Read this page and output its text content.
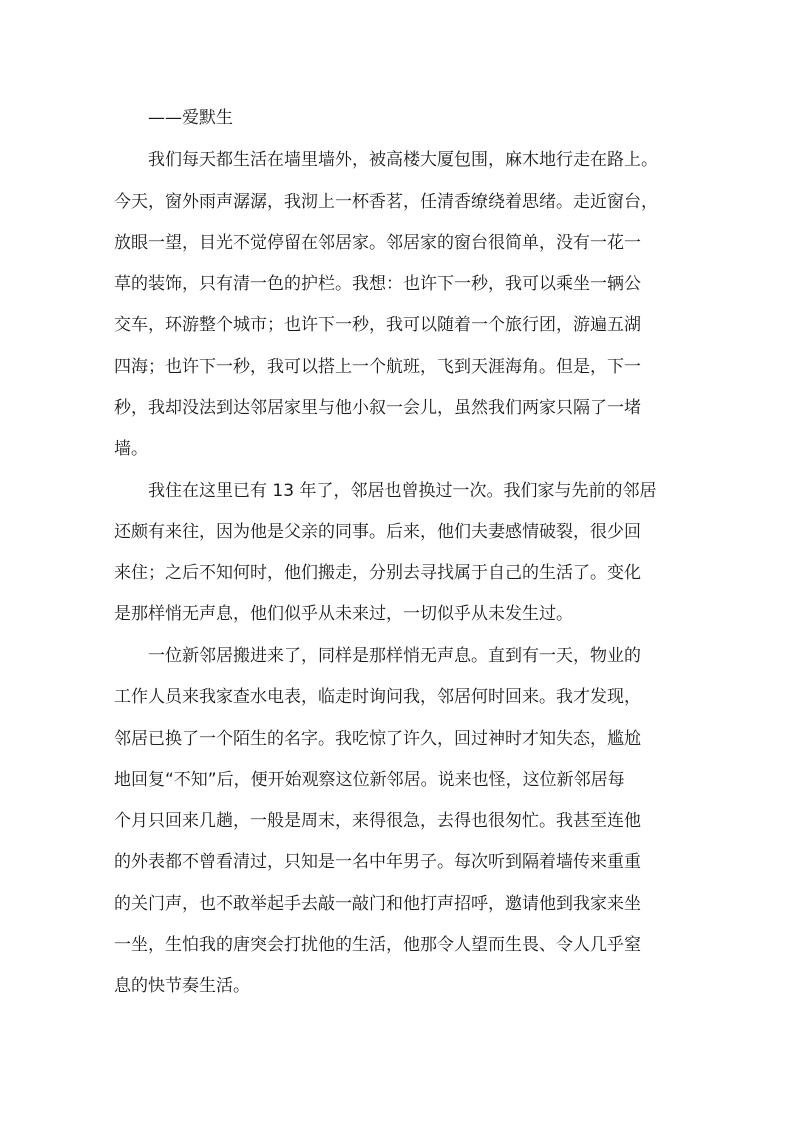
——爱默生
我们每天都生活在墙里墙外，被高楼大厦包围，麻木地行走在路上。
今天，窗外雨声潺潺，我沏上一杯香茗，任清香缭绕着思绪。走近窗台，
放眼一望，目光不觉停留在邻居家。邻居家的窗台很简单，没有一花一
草的装饰，只有清一色的护栏。我想：也许下一秒，我可以乘坐一辆公
交车，环游整个城市；也许下一秒，我可以随着一个旅行团，游遍五湖
四海；也许下一秒，我可以搭上一个航班，飞到天涯海角。但是，下一
秒，我却没法到达邻居家里与他小叙一会儿，虽然我们两家只隔了一堵
墙。
我住在这里已有 13 年了，邻居也曾换过一次。我们家与先前的邻居
还颇有来往，因为他是父亲的同事。后来，他们夫妻感情破裂，很少回
来住；之后不知何时，他们搬走，分别去寻找属于自己的生活了。变化
是那样悄无声息，他们似乎从未来过，一切似乎从未发生过。
一位新邻居搬进来了，同样是那样悄无声息。直到有一天，物业的
工作人员来我家查水电表，临走时询问我，邻居何时回来。我才发现，
邻居已换了一个陌生的名字。我吃惊了许久，回过神时才知失态，尴尬
地回复“不知”后，便开始观察这位新邻居。说来也怪，这位新邻居每
个月只回来几趟，一般是周末，来得很急，去得也很匆忙。我甚至连他
的外表都不曾看清过，只知是一名中年男子。每次听到隔着墙传来重重
的关门声，也不敢举起手去敲一敲门和他打声招呼，邀请他到我家来坐
一坐，生怕我的唐突会打扰他的生活，他那令人望而生畏、令人几乎窒
息的快节奏生活。
